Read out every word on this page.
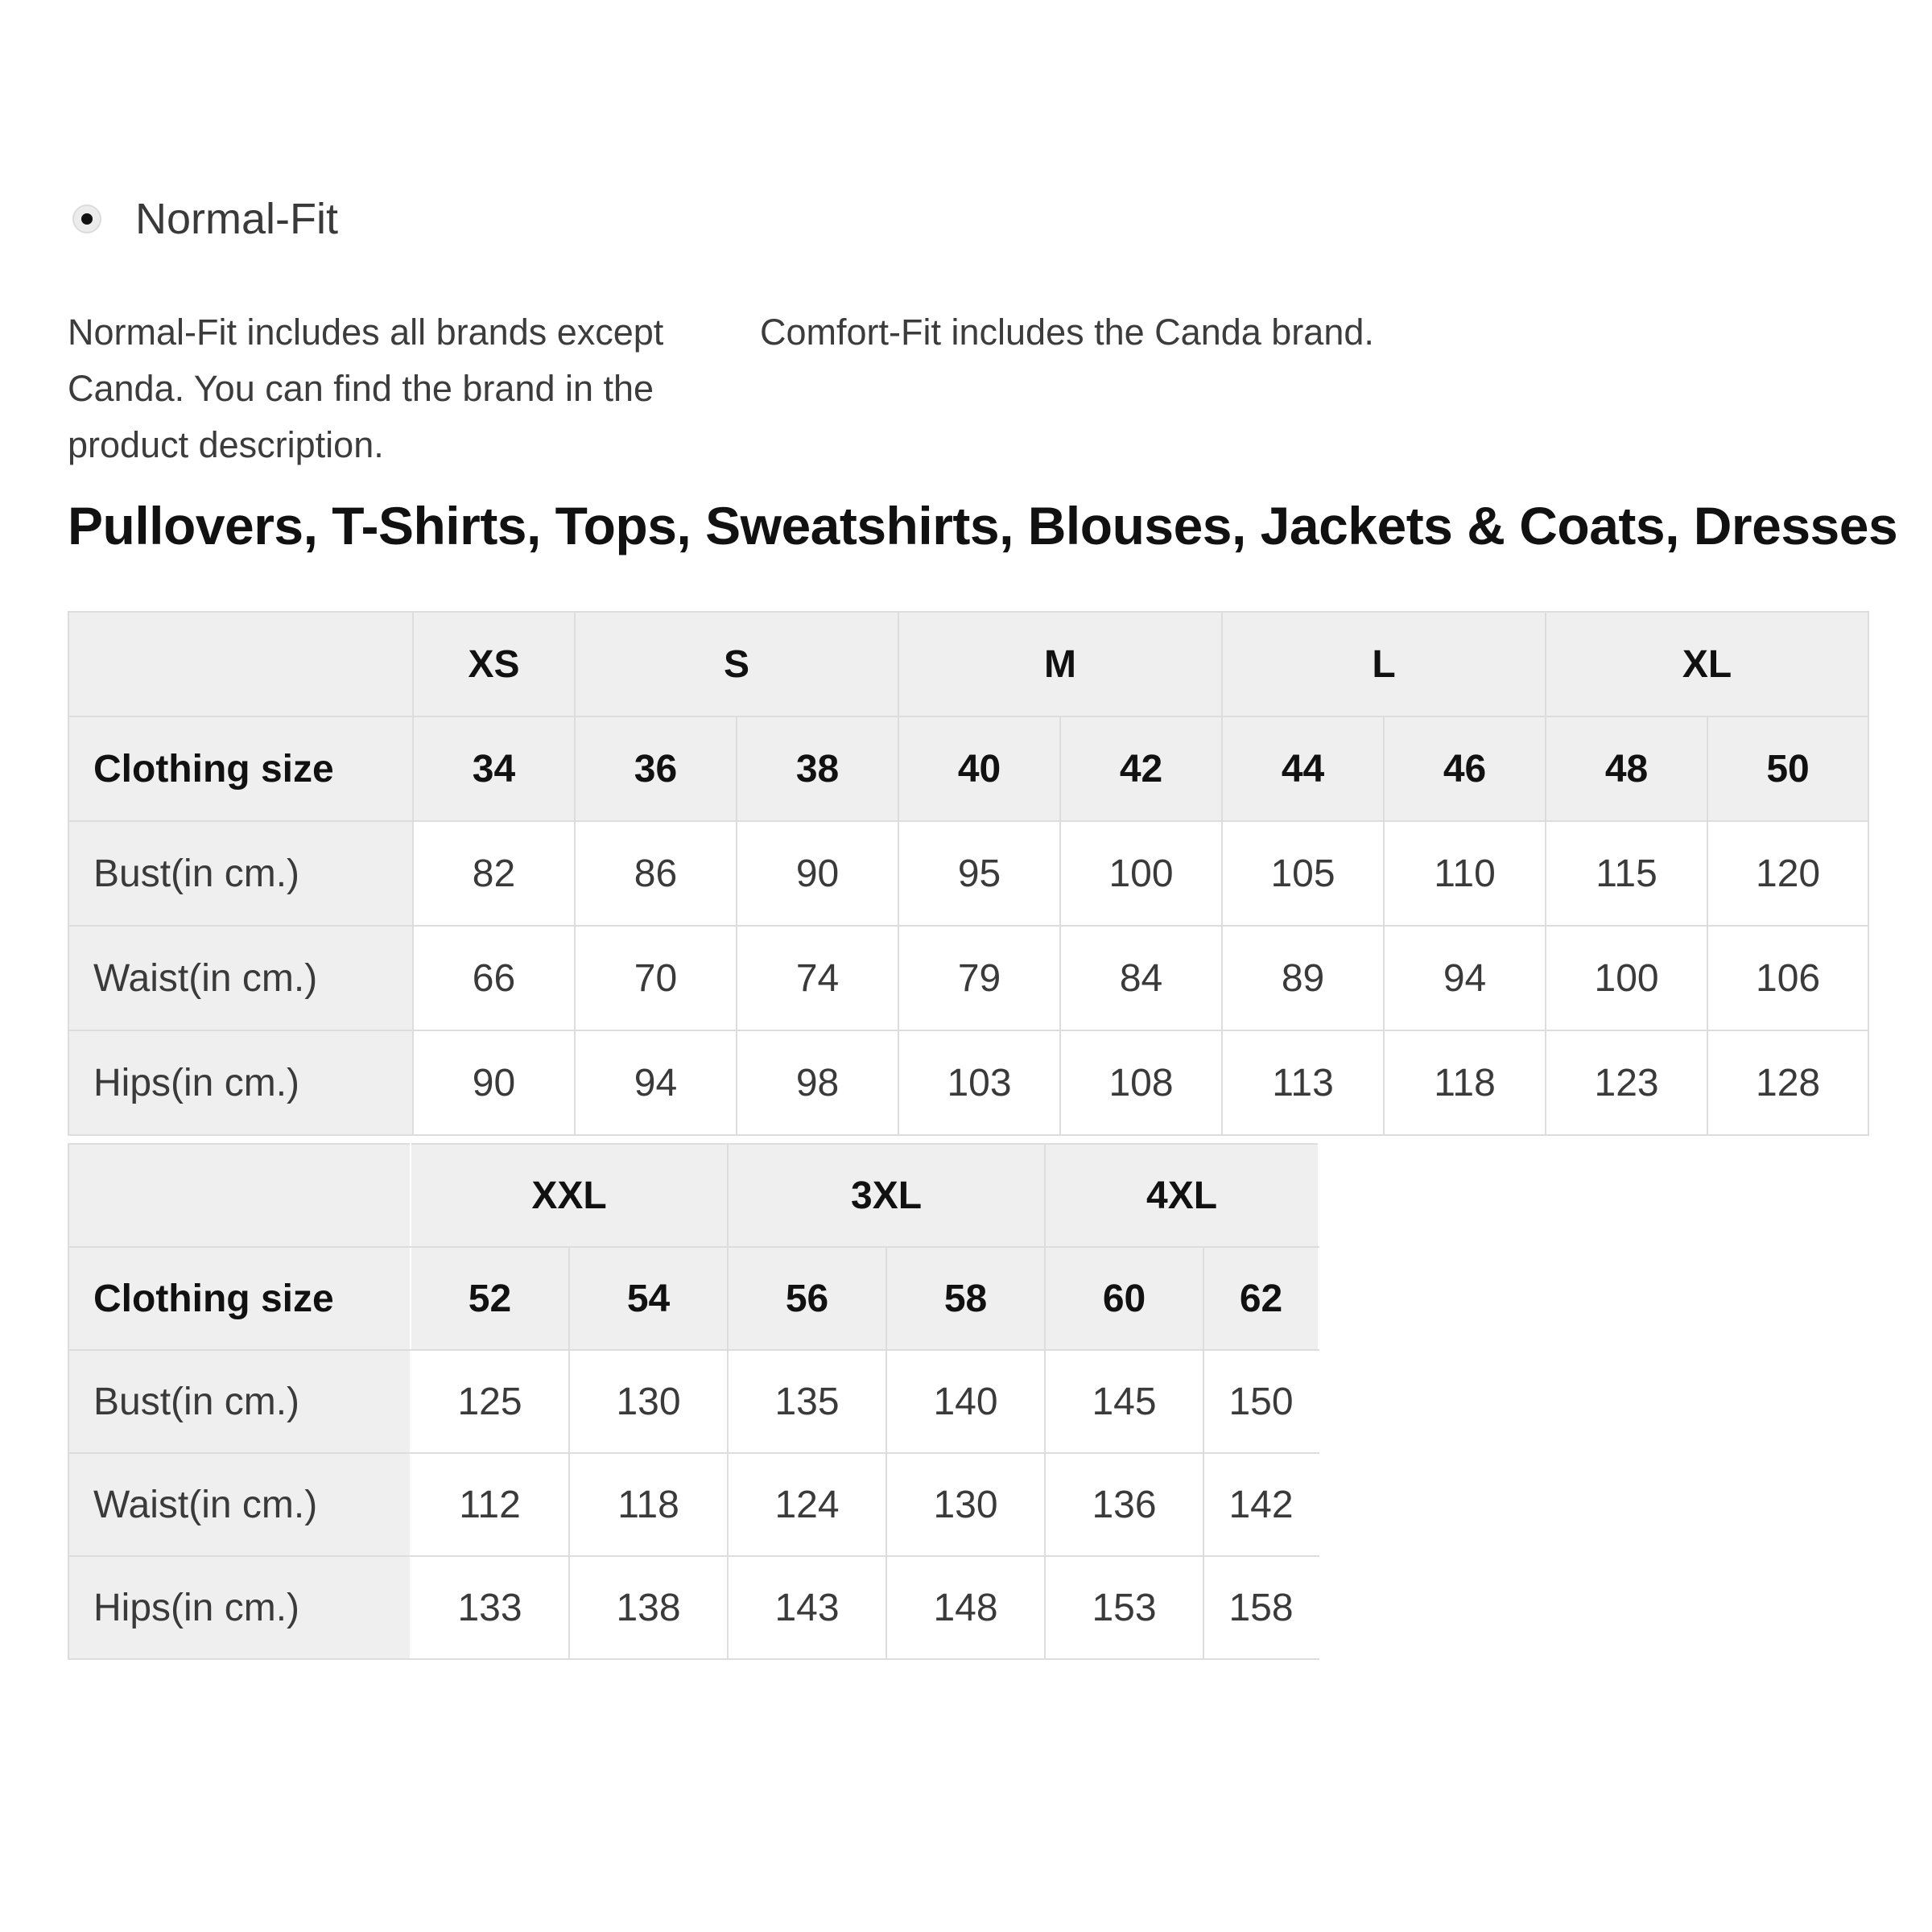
Normal-Fit

Normal-Fit includes all brands except Canda. You can find the brand in the product description.

Comfort-Fit includes the Canda brand.

Pullovers, T-Shirts, Tops, Sweatshirts, Blouses, Jackets & Coats, Dresses
	XS	S		M		L		XL	
Clothing size	34	36	38	40	42	44	46	48	50
Bust(in cm.)	82	86	90	95	100	105	110	115	120
Waist(in cm.)	66	70	74	79	84	89	94	100	106
Hips(in cm.)	90	94	98	103	108	113	118	123	128
	XXL		3XL		4XL	
Clothing size	52	54	56	58	60	62
Bust(in cm.)	125	130	135	140	145	150
Waist(in cm.)	112	118	124	130	136	142
Hips(in cm.)	133	138	143	148	153	158
